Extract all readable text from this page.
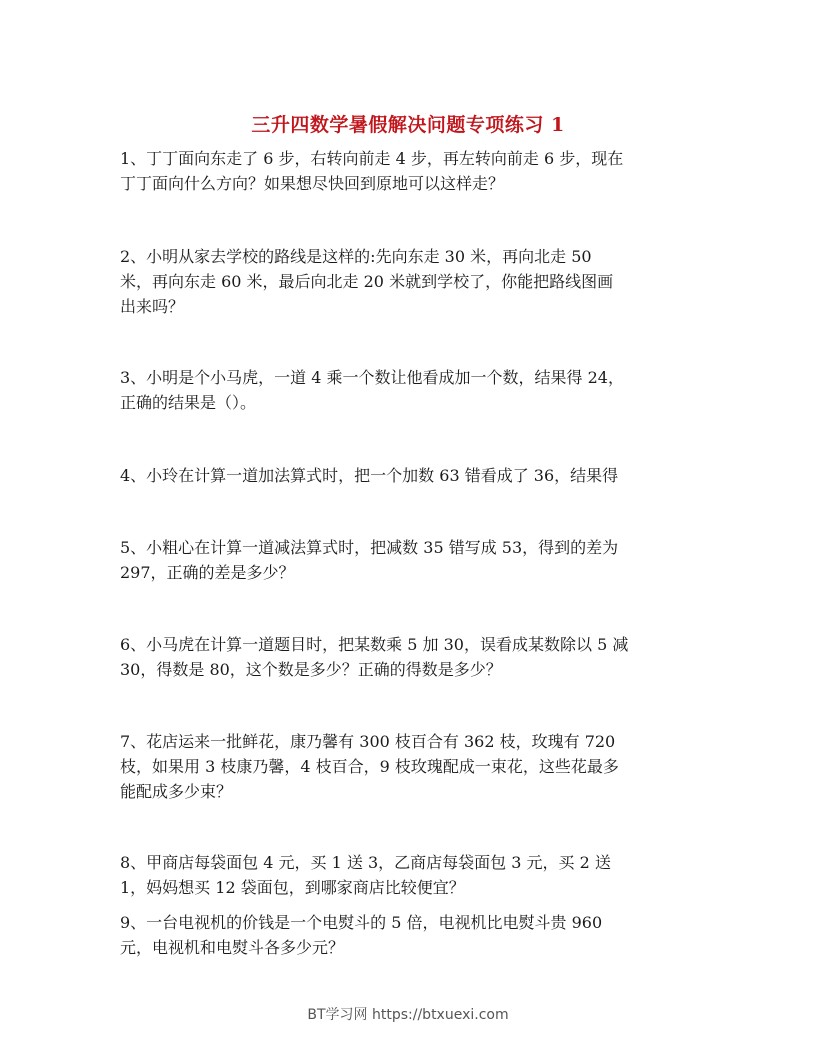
三升四数学暑假解决问题专项练习 1
1、丁丁面向东走了 6 步，右转向前走 4 步，再左转向前走 6 步，现在
丁丁面向什么方向？如果想尽快回到原地可以这样走？
2、小明从家去学校的路线是这样的:先向东走 30 米，再向北走 50
米，再向东走 60 米，最后向北走 20 米就到学校了，你能把路线图画
出来吗？
3、小明是个小马虎，一道 4 乘一个数让他看成加一个数，结果得 24，
正确的结果是（）。
4、小玲在计算一道加法算式时，把一个加数 63 错看成了 36，结果得
5、小粗心在计算一道减法算式时，把减数 35 错写成 53，得到的差为
297，正确的差是多少？
6、小马虎在计算一道题目时，把某数乘 5 加 30，误看成某数除以 5 减
30，得数是 80，这个数是多少？正确的得数是多少？
7、花店运来一批鲜花，康乃馨有 300 枝百合有 362 枝，玫瑰有 720
枝，如果用 3 枝康乃馨，4 枝百合，9 枝玫瑰配成一束花，这些花最多
能配成多少束？
8、甲商店每袋面包 4 元，买 1 送 3，乙商店每袋面包 3 元，买 2 送
1，妈妈想买 12 袋面包，到哪家商店比较便宜？
9、一台电视机的价钱是一个电熨斗的 5 倍，电视机比电熨斗贵 960
元，电视机和电熨斗各多少元？
BT学习网 https://btxuexi.com
